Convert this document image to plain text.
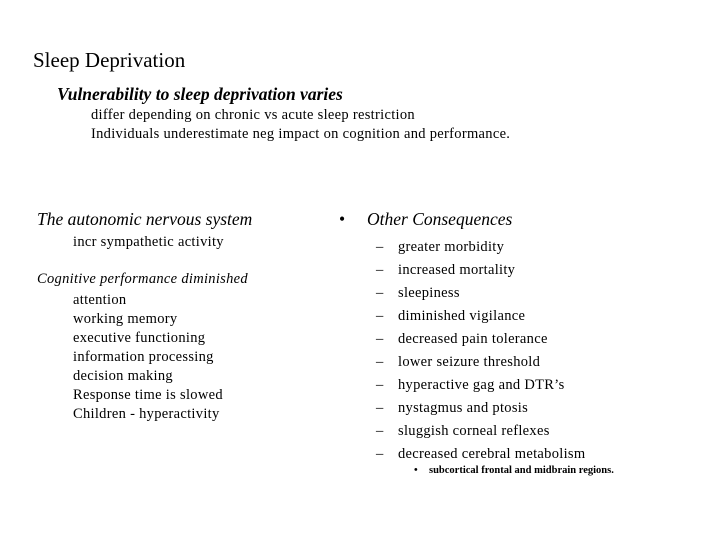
Sleep Deprivation
Vulnerability to sleep deprivation varies
differ depending on chronic vs acute sleep restriction
Individuals underestimate neg impact on cognition and performance.
The autonomic nervous system
incr sympathetic activity
Cognitive performance diminished
attention
working memory
executive functioning
information processing
decision making
Response time is slowed
Children - hyperactivity
• Other Consequences
– greater morbidity
– increased mortality
– sleepiness
– diminished vigilance
– decreased pain tolerance
– lower seizure threshold
– hyperactive gag and DTR’s
– nystagmus and ptosis
– sluggish corneal reflexes
– decreased cerebral metabolism
• subcortical frontal and midbrain regions.
